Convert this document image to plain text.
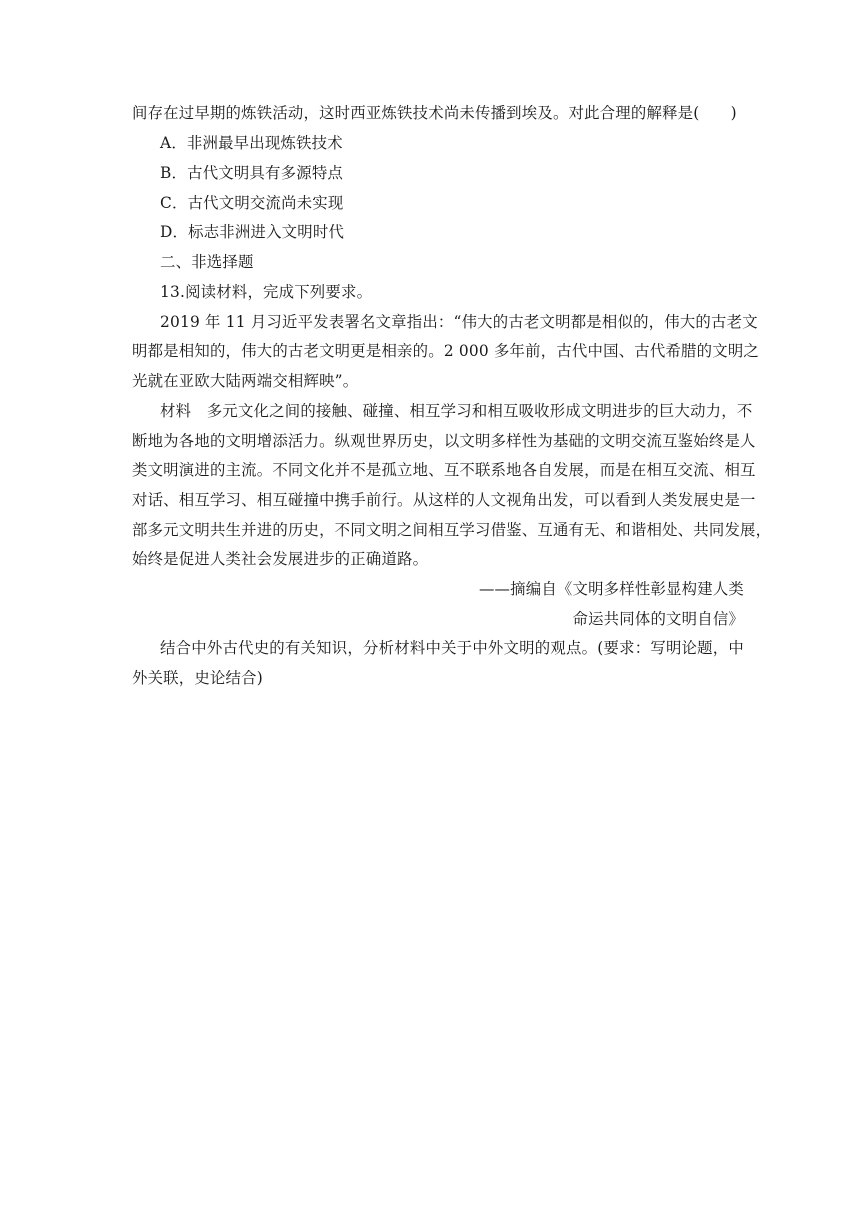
间存在过早期的炼铁活动，这时西亚炼铁技术尚未传播到埃及。对此合理的解释是(　　)
A．非洲最早出现炼铁技术
B．古代文明具有多源特点
C．古代文明交流尚未实现
D．标志非洲进入文明时代
二、非选择题
13.阅读材料，完成下列要求。
2019 年 11 月习近平发表署名文章指出：“伟大的古老文明都是相似的，伟大的古老文
明都是相知的，伟大的古老文明更是相亲的。2 000 多年前，古代中国、古代希腊的文明之
光就在亚欧大陆两端交相辉映”。
材料　多元文化之间的接触、碰撞、相互学习和相互吸收形成文明进步的巨大动力，不
断地为各地的文明增添活力。纵观世界历史，以文明多样性为基础的文明交流互鉴始终是人
类文明演进的主流。不同文化并不是孤立地、互不联系地各自发展，而是在相互交流、相互
对话、相互学习、相互碰撞中携手前行。从这样的人文视角出发，可以看到人类发展史是一
部多元文明共生并进的历史，不同文明之间相互学习借鉴、互通有无、和谐相处、共同发展，
始终是促进人类社会发展进步的正确道路。
——摘编自《文明多样性彰显构建人类
命运共同体的文明自信》
结合中外古代史的有关知识，分析材料中关于中外文明的观点。(要求：写明论题，中
外关联，史论结合)
